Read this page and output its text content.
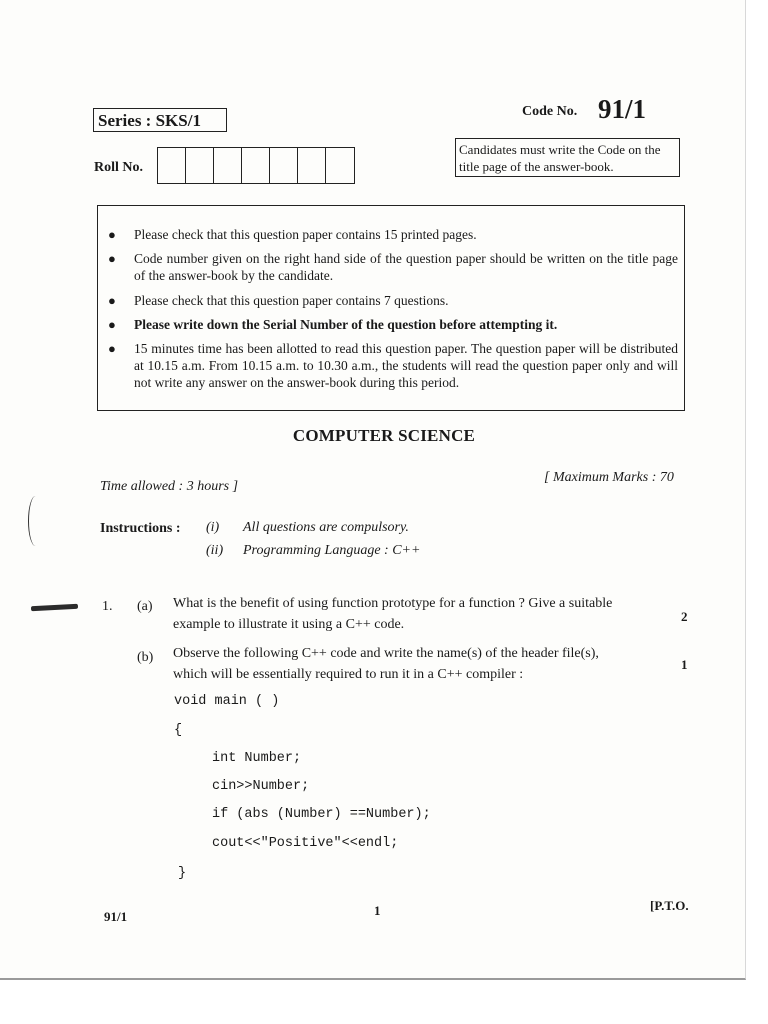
Series : SKS/1	Code No. 91/1
Roll No.
Candidates must write the Code on the title page of the answer-book.
●	Please check that this question paper contains 15 printed pages.
●	Code number given on the right hand side of the question paper should be written on the title page of the answer-book by the candidate.
●	Please check that this question paper contains 7 questions.
●	Please write down the Serial Number of the question before attempting it.
●	15 minutes time has been allotted to read this question paper. The question paper will be distributed at 10.15 a.m. From 10.15 a.m. to 10.30 a.m., the students will read the question paper only and will not write any answer on the answer-book during this period.
COMPUTER SCIENCE
Time allowed : 3 hours ]
[ Maximum Marks : 70
Instructions : (i) All questions are compulsory.
(ii) Programming Language : C++
1. (a) What is the benefit of using function prototype for a function ? Give a suitable
example to illustrate it using a C++ code.
2
(b) Observe the following C++ code and write the name(s) of the header file(s),
which will be essentially required to run it in a C++ compiler :
1
void main ( )
{
int Number;
cin>>Number;
if (abs (Number) ==Number);
cout<<"Positive"<<endl;
}
91/1	1	[P.T.O.
